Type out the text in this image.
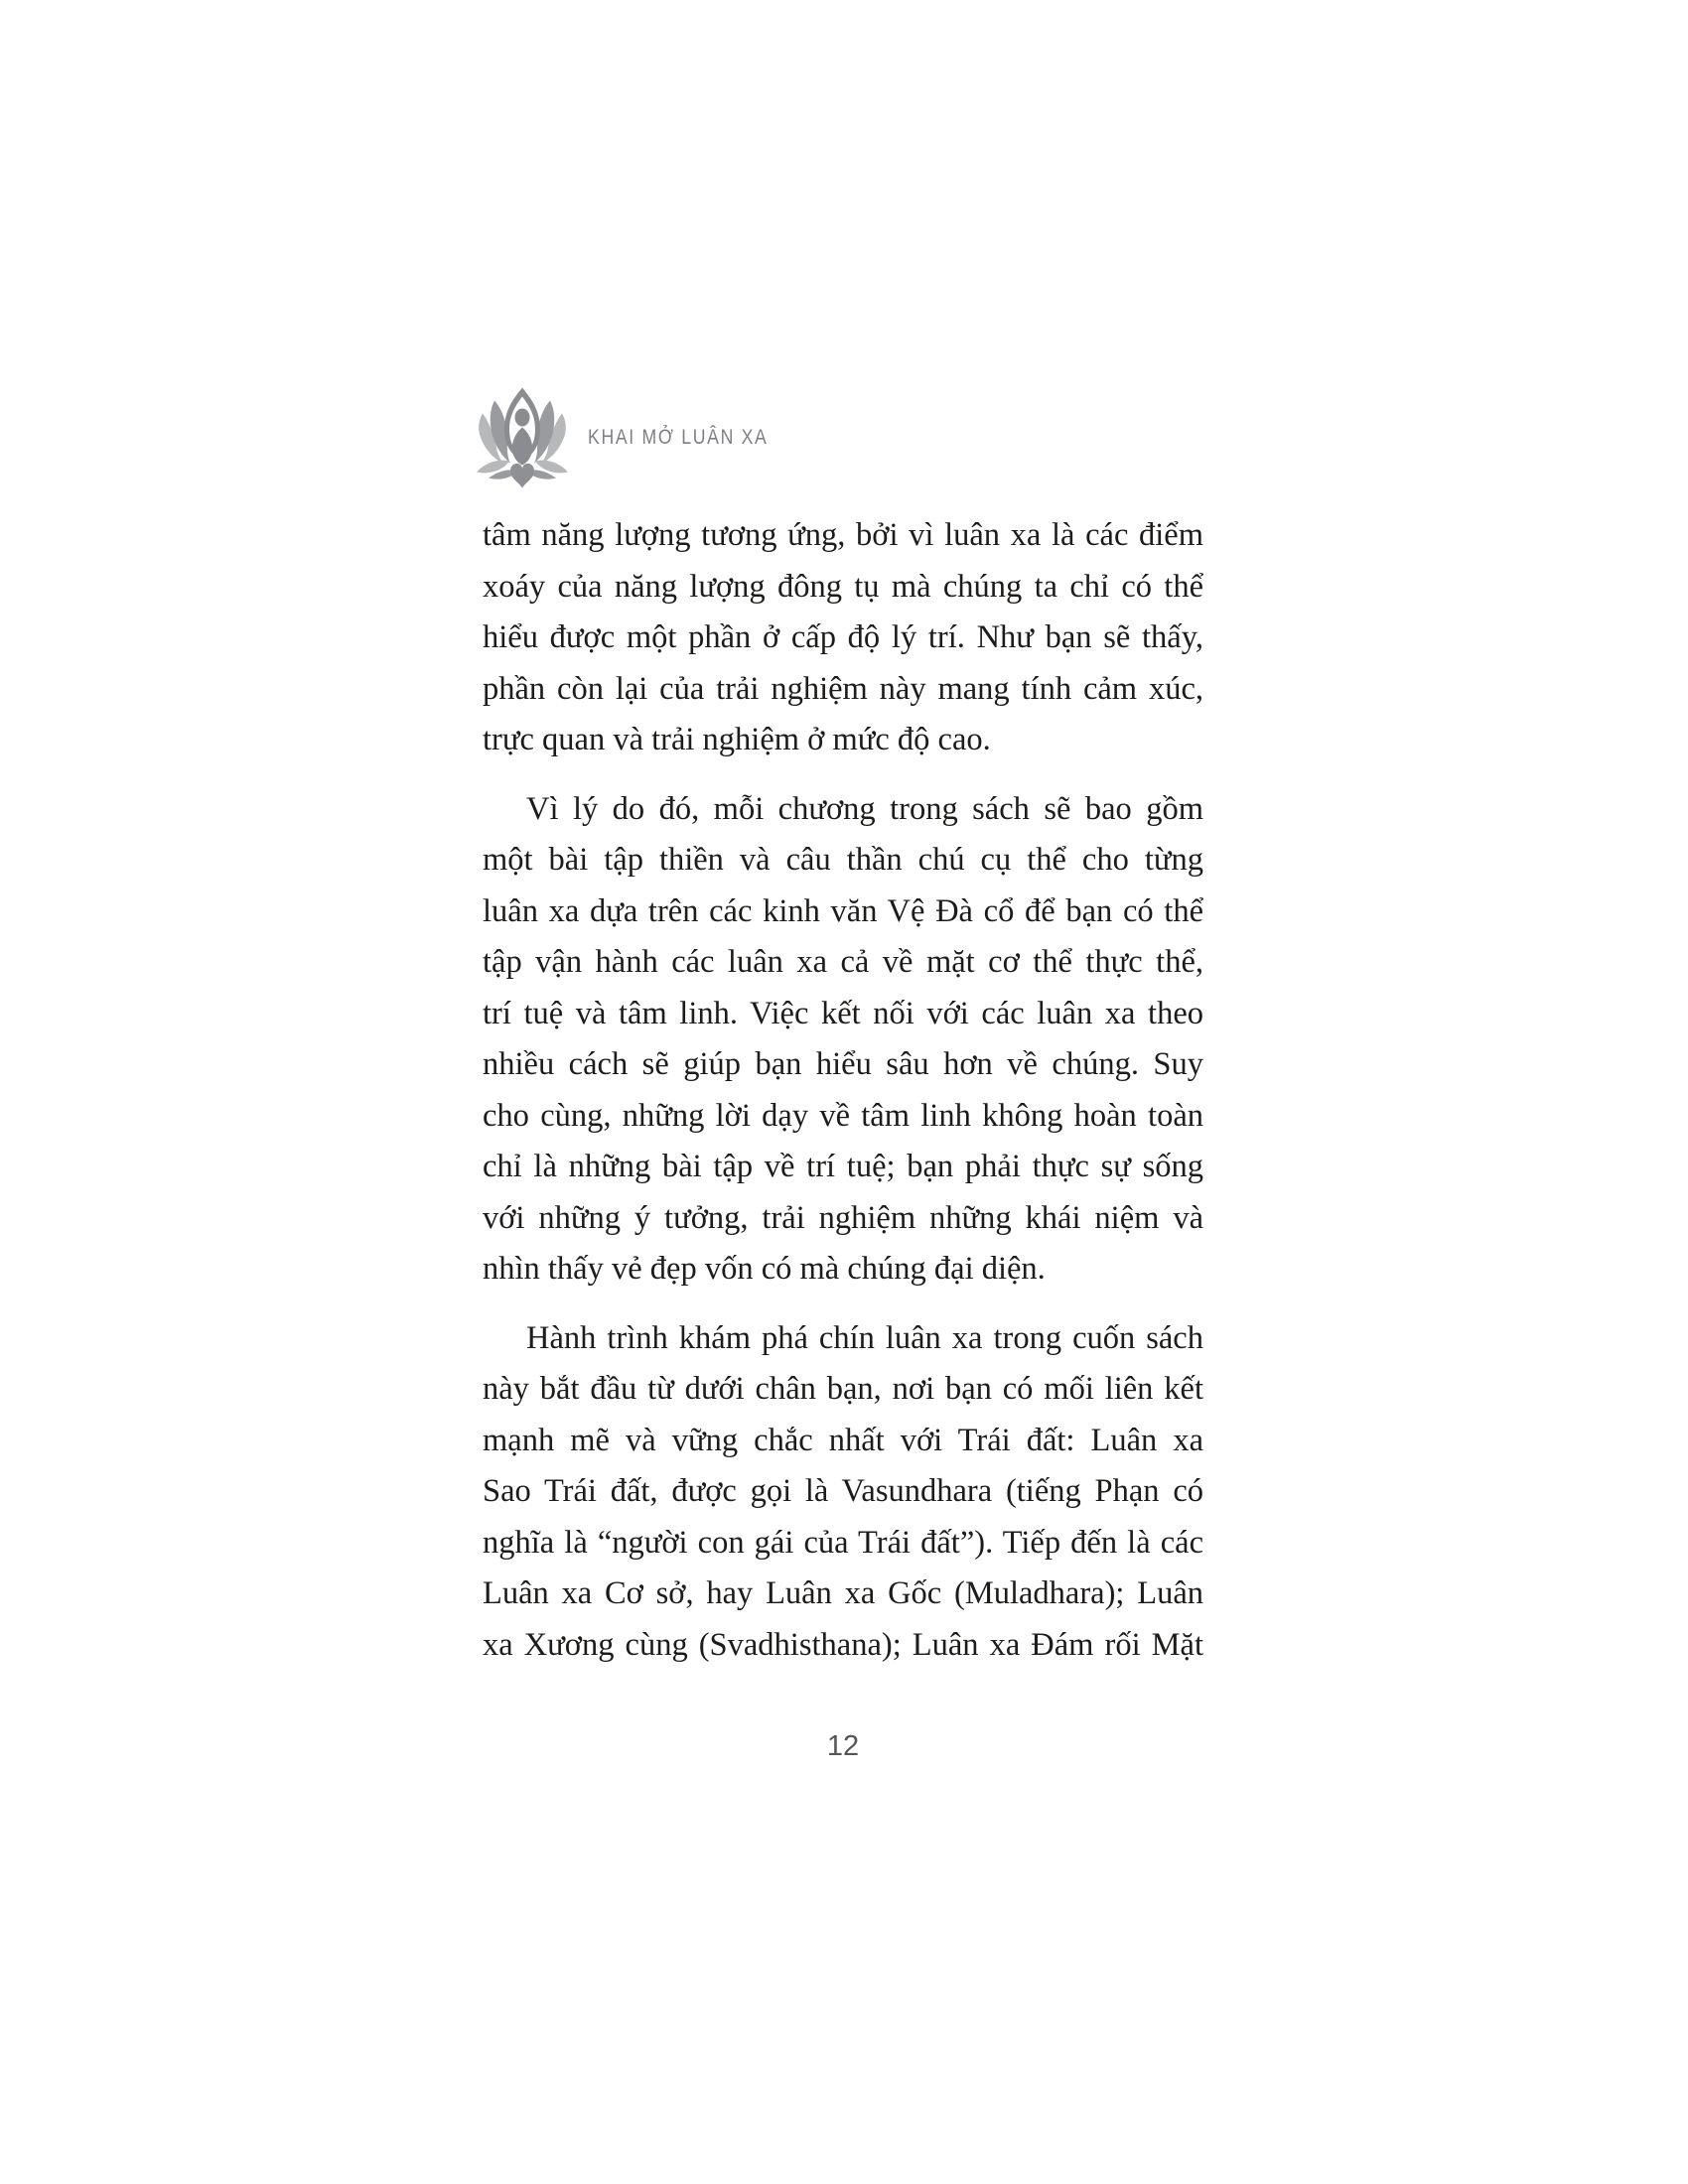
KHAI MỞ LUÂN XA
tâm năng lượng tương ứng, bởi vì luân xa là các điểm
xoáy của năng lượng đông tụ mà chúng ta chỉ có thể
hiểu được một phần ở cấp độ lý trí. Như bạn sẽ thấy,
phần còn lại của trải nghiệm này mang tính cảm xúc,
trực quan và trải nghiệm ở mức độ cao.
Vì lý do đó, mỗi chương trong sách sẽ bao gồm
một bài tập thiền và câu thần chú cụ thể cho từng
luân xa dựa trên các kinh văn Vệ Đà cổ để bạn có thể
tập vận hành các luân xa cả về mặt cơ thể thực thể,
trí tuệ và tâm linh. Việc kết nối với các luân xa theo
nhiều cách sẽ giúp bạn hiểu sâu hơn về chúng. Suy
cho cùng, những lời dạy về tâm linh không hoàn toàn
chỉ là những bài tập về trí tuệ; bạn phải thực sự sống
với những ý tưởng, trải nghiệm những khái niệm và
nhìn thấy vẻ đẹp vốn có mà chúng đại diện.
Hành trình khám phá chín luân xa trong cuốn sách
này bắt đầu từ dưới chân bạn, nơi bạn có mối liên kết
mạnh mẽ và vững chắc nhất với Trái đất: Luân xa
Sao Trái đất, được gọi là Vasundhara (tiếng Phạn có
nghĩa là “người con gái của Trái đất”). Tiếp đến là các
Luân xa Cơ sở, hay Luân xa Gốc (Muladhara); Luân
xa Xương cùng (Svadhisthana); Luân xa Đám rối Mặt
12
